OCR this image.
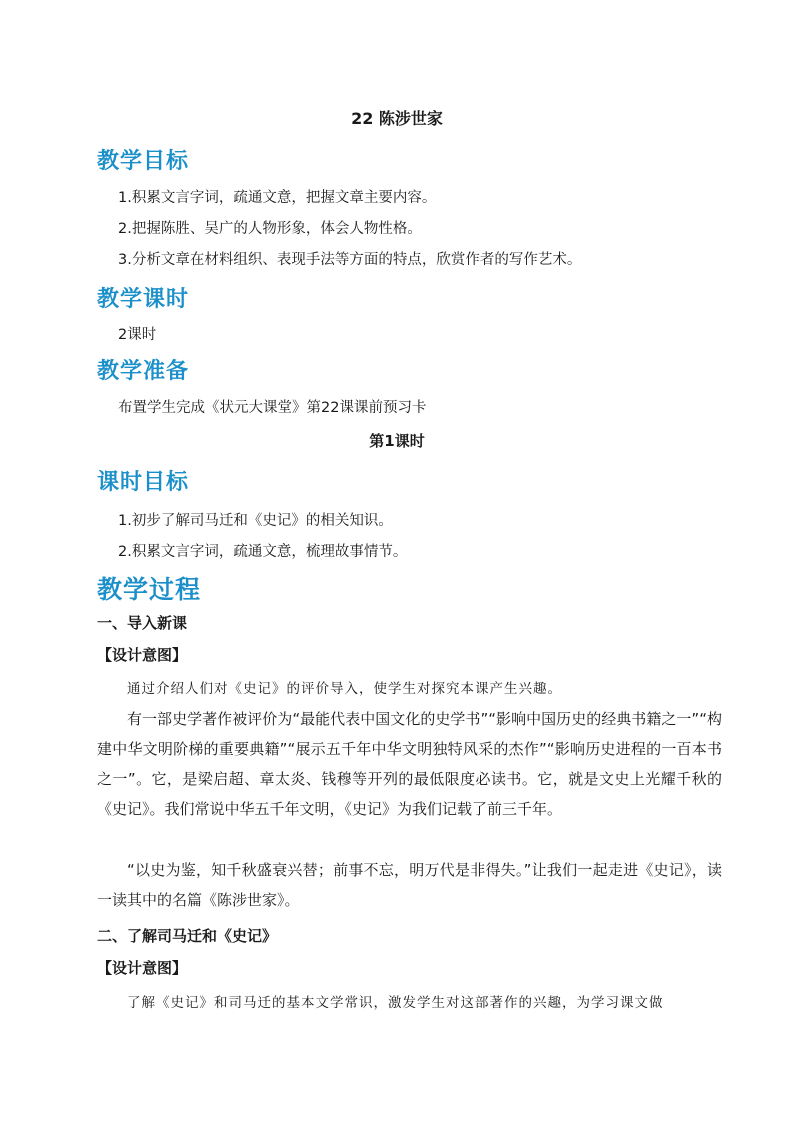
22 陈涉世家
教学目标
1.积累文言字词，疏通文意，把握文章主要内容。
2.把握陈胜、吴广的人物形象，体会人物性格。
3.分析文章在材料组织、表现手法等方面的特点，欣赏作者的写作艺术。
教学课时
2课时
教学准备
布置学生完成《状元大课堂》第22课课前预习卡
第1课时
课时目标
1.初步了解司马迁和《史记》的相关知识。
2.积累文言字词，疏通文意，梳理故事情节。
教学过程
一、导入新课
【设计意图】
通过介绍人们对《史记》的评价导入，使学生对探究本课产生兴趣。

有一部史学著作被评价为“最能代表中国文化的史学书”“影响中国历史的经典书籍之一”“构建中华文明阶梯的重要典籍”“展示五千年中华文明独特风采的杰作”“影响历史进程的一百本书之一”。它，是梁启超、章太炎、钱穆等开列的最低限度必读书。它，就是文史上光耀千秋的《史记》。我们常说中华五千年文明，《史记》为我们记载了前三千年。

“以史为鉴，知千秋盛衰兴替；前事不忘，明万代是非得失。”让我们一起走进《史记》，读一读其中的名篇《陈涉世家》。

二、了解司马迁和《史记》
【设计意图】
了解《史记》和司马迁的基本文学常识，激发学生对这部著作的兴趣，为学习课文做
